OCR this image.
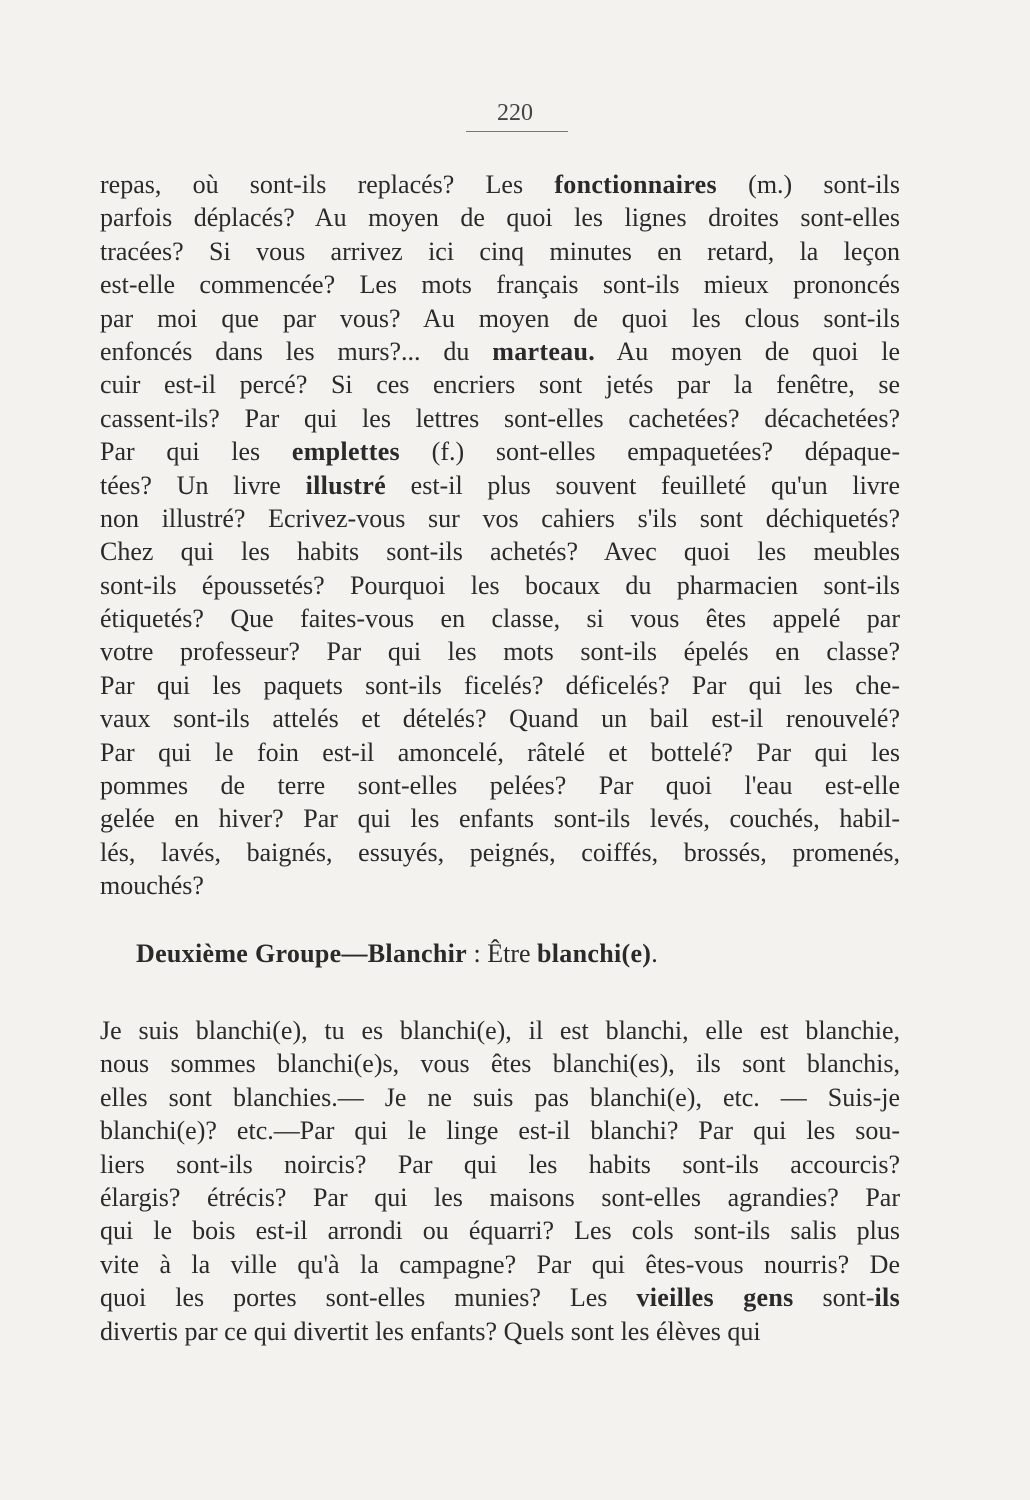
220
repas, où sont-ils replacés? Les fonctionnaires (m.) sont-ils
parfois déplacés? Au moyen de quoi les lignes droites sont-elles
tracées? Si vous arrivez ici cinq minutes en retard, la leçon
est-elle commencée? Les mots français sont-ils mieux prononcés
par moi que par vous? Au moyen de quoi les clous sont-ils
enfoncés dans les murs?... du marteau. Au moyen de quoi le
cuir est-il percé? Si ces encriers sont jetés par la fenêtre, se
cassent-ils? Par qui les lettres sont-elles cachetées? décachetées?
Par qui les emplettes (f.) sont-elles empaquetées? dépaque-
tées? Un livre illustré est-il plus souvent feuilleté qu'un livre
non illustré? Ecrivez-vous sur vos cahiers s'ils sont déchiquetés?
Chez qui les habits sont-ils achetés? Avec quoi les meubles
sont-ils époussetés? Pourquoi les bocaux du pharmacien sont-ils
étiquetés? Que faites-vous en classe, si vous êtes appelé par
votre professeur? Par qui les mots sont-ils épelés en classe?
Par qui les paquets sont-ils ficelés? déficelés? Par qui les che-
vaux sont-ils attelés et dételés? Quand un bail est-il renouvelé?
Par qui le foin est-il amoncelé, râtelé et bottelé? Par qui les
pommes de terre sont-elles pelées? Par quoi l'eau est-elle
gelée en hiver? Par qui les enfants sont-ils levés, couchés, habil-
lés, lavés, baignés, essuyés, peignés, coiffés, brossés, promenés,
mouchés?
Deuxième Groupe—Blanchir : Être blanchi(e).
Je suis blanchi(e), tu es blanchi(e), il est blanchi, elle est blanchie,
nous sommes blanchi(e)s, vous êtes blanchi(es), ils sont blanchis,
elles sont blanchies.— Je ne suis pas blanchi(e), etc. — Suis-je
blanchi(e)? etc.—Par qui le linge est-il blanchi? Par qui les sou-
liers sont-ils noircis? Par qui les habits sont-ils accourcis?
élargis? étrécis? Par qui les maisons sont-elles agrandies? Par
qui le bois est-il arrondi ou équarri? Les cols sont-ils salis plus
vite à la ville qu'à la campagne? Par qui êtes-vous nourris? De
quoi les portes sont-elles munies? Les vieilles gens sont-ils
divertis par ce qui divertit les enfants? Quels sont les élèves qui
